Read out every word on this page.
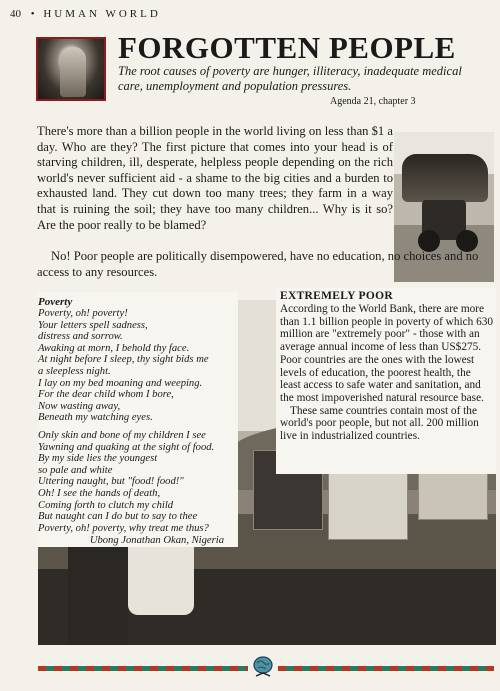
40 • HUMAN WORLD
FORGOTTEN PEOPLE
The root causes of poverty are hunger, illiteracy, inadequate medical care, unemployment and population pressures.
Agenda 21, chapter 3

There's more than a billion people in the world living on less than $1 a day. Who are they? The first picture that comes into your head is of starving children, ill, desperate, helpless people depending on the rich world's never sufficient aid - a shame to the big cities and a burden to exhausted land. They cut down too many trees; they farm in a way that is ruining the soil; they have too many children... Why is it so? Are the poor really to be blamed?

No! Poor people are politically disempowered, have no education, no choices and no access to any resources.

Poverty
Poverty, oh! poverty!
Your letters spell sadness,
distress and sorrow.
Awaking at morn, I behold thy face.
At night before I sleep, thy sight bids me
a sleepless night.
I lay on my bed moaning and weeping.
For the dear child whom I bore,
Now wasting away,
Beneath my watching eyes.
Only skin and bone of my children I see
Yawning and quaking at the sight of food.
By my side lies the youngest
so pale and white
Uttering naught, but "food! food!"
Oh! I see the hands of death,
Coming forth to clutch my child
But naught can I do but to say to thee
Poverty, oh! poverty, why treat me thus?
Ubong Jonathan Okan, Nigeria
EXTREMELY POOR

According to the World Bank, there are more than 1.1 billion people in poverty of which 630 million are "extremely poor" - those with an average annual income of less than US$275. Poor countries are the ones with the lowest levels of education, the poorest health, the least access to safe water and sanitation, and the most impoverished natural resource base.

These same countries contain most of the world's poor people, but not all. 200 million live in industrialized countries.
